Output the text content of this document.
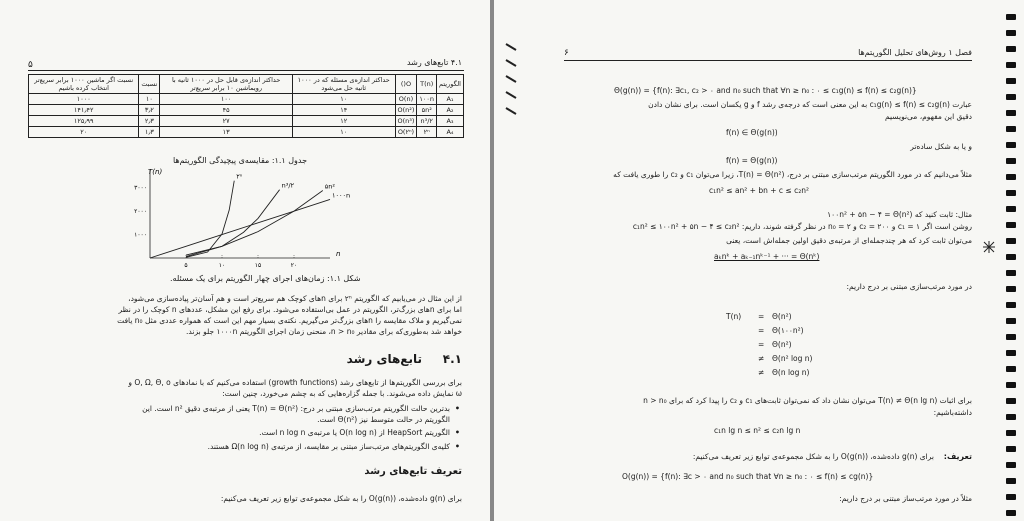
۵	۴.۱ تابع‌های رشد
الگوریتم	T(n)	O()	حداکثر اندازه‌ی مسئله که در ۱۰۰۰ ثانیه حل می‌شود	حداکثر اندازه‌ی قابل حل در ۱۰۰۰ ثانیه با رویماشین ۱۰ برابر سریع‌تر	نسبت	نسبت اگر ماشین ۱۰۰۰ برابر سریع‌تر انتخاب کرده باشیم
A₁	۱۰۰n	O(n)	۱۰	۱۰۰	۱۰	۱۰۰۰
A₂	۵n²	O(n²)	۱۴	۴۵	۳٫۲	۱۴۱٫۴۲
A₃	n³/۲	O(n³)	۱۲	۲۷	۲٫۳	۱۲۵٫۹۹
A₄	۲ⁿ	O(۲ⁿ)	۱۰	۱۳	۱٫۳	۲۰
جدول ۱.۱: مقایسه‌ی پیچیدگی الگوریتم‌ها
۵	۱۰	۱۵	۲۰
۱۰۰۰
۲۰۰۰
۳۰۰۰
n
T(n)
۲ⁿ
n³/۲	۵n²
۱۰۰۰n
شکل ۱.۱: زمان‌های اجرای چهار الگوریتم برای یک مسئله.
از این مثال در می‌یابیم که الگوریتم ۲ⁿ برای nهای کوچک هم سریع‌تر است و هم آسان‌تر پیاده‌سازی می‌شود،
اما برای nهای بزرگ‌تر، الگوریتم در عمل بی‌استفاده می‌شود. برای رفع این مشکل، عددهای n کوچک را در نظر
نمی‌گیریم و ملاک مقایسه را nهای بزرگ‌تر می‌گیریم. نکته‌ی بسیار مهم این است که همواره عددی مثل n₀ یافت
خواهد شد به‌طوری‌که برای مقادیر n > n₀، منحنی زمان اجرای الگوریتم ۱۰۰۰n جلو بزند.
۴.۱
تابع‌های رشد
برای بررسی الگوریتم‌ها از تابع‌های رشد (growth functions) استفاده می‌کنیم که با نمادهای O, Ω, Θ, o و
ω نمایش داده می‌شوند. با جمله گزاره‌هایی که به چشم می‌خورد، چنین است:
•
بدترین حالت الگوریتم مرتب‌سازی مبتنی بر درج: T(n) = Θ(n²) یعنی از مرتبه‌ی دقیق n² است. این
الگوریتم در حالت متوسط نیز Θ(n²) است.
•
الگوریتم HeapSort از O(n log n) یا مرتبه‌ی n log n است.
•
کلیه‌ی الگوریتم‌های مرتب‌ساز مبتنی بر مقایسه، از مرتبه‌ی Ω(n log n) هستند.
تعریف تابع‌های رشد
برای g(n) داده‌شده، O(g(n)) را به شکل مجموعه‌ی توابع زیر تعریف می‌کنیم:
۶	فصل ۱ روش‌های تحلیل الگوریتم‌ها
Θ(g(n)) = {f(n): ∃c₁, c₂ > ۰ and n₀ such that ∀n ≥ n₀ : ۰ ≤ c₁g(n) ≤ f(n) ≤ c₂g(n)}
عبارت c₁g(n) ≤ f(n) ≤ c₂g(n) به این معنی است که درجه‌ی رشد f و g یکسان است. برای نشان دادن
دقیق این مفهوم، می‌نویسیم
f(n) ∈ Θ(g(n))
و یا به شکل ساده‌تر
f(n) = Θ(g(n))
مثلاً می‌دانیم که در مورد الگوریتم مرتب‌سازی مبتنی بر درج، T(n) = Θ(n²)، زیرا می‌توان c₁ و c₂ را طوری یافت که
c₁n² ≤ an² + bn + c ≤ c₂n²
مثال: ثابت کنید که ۱۰۰n² + ۵n − ۴ = Θ(n²)
روشن است اگر c₁ = ۱ و c₂ = ۲۰۰ و n₀ = ۲ در نظر گرفته شوند، داریم: c₁n² ≤ ۱۰۰n² + ۵n − ۴ ≤ c₂n²
می‌توان ثابت کرد که هر چندجمله‌ای از مرتبه‌ی دقیق اولین جمله‌اش است، یعنی
aₖnᵏ + aₖ₋₁nᵏ⁻¹ + ··· = Θ(nᵏ)
در مورد مرتب‌سازی مبتنی بر درج داریم:
T(n) = Θ(n²)
= Θ(۱۰۰n²)
= Θ(n²)
≠ Θ(n² log n)
≠ Θ(n log n)
برای اثبات T(n) ≠ Θ(n lg n) می‌توان نشان داد که نمی‌توان ثابت‌های c₁ و c₂ را پیدا کرد که برای n > n₀
داشته‌باشیم:
c₁n lg n ≤ n² ≤ c₂n lg n
تعریف:
برای g(n) داده‌شده، O(g(n)) را به شکل مجموعه‌ی توابع زیر تعریف می‌کنیم:
O(g(n)) = {f(n): ∃c > ۰ and n₀ such that ∀n ≥ n₀ : ۰ ≤ f(n) ≤ cg(n)}
مثلاً در مورد مرتب‌ساز مبتنی بر درج داریم:
